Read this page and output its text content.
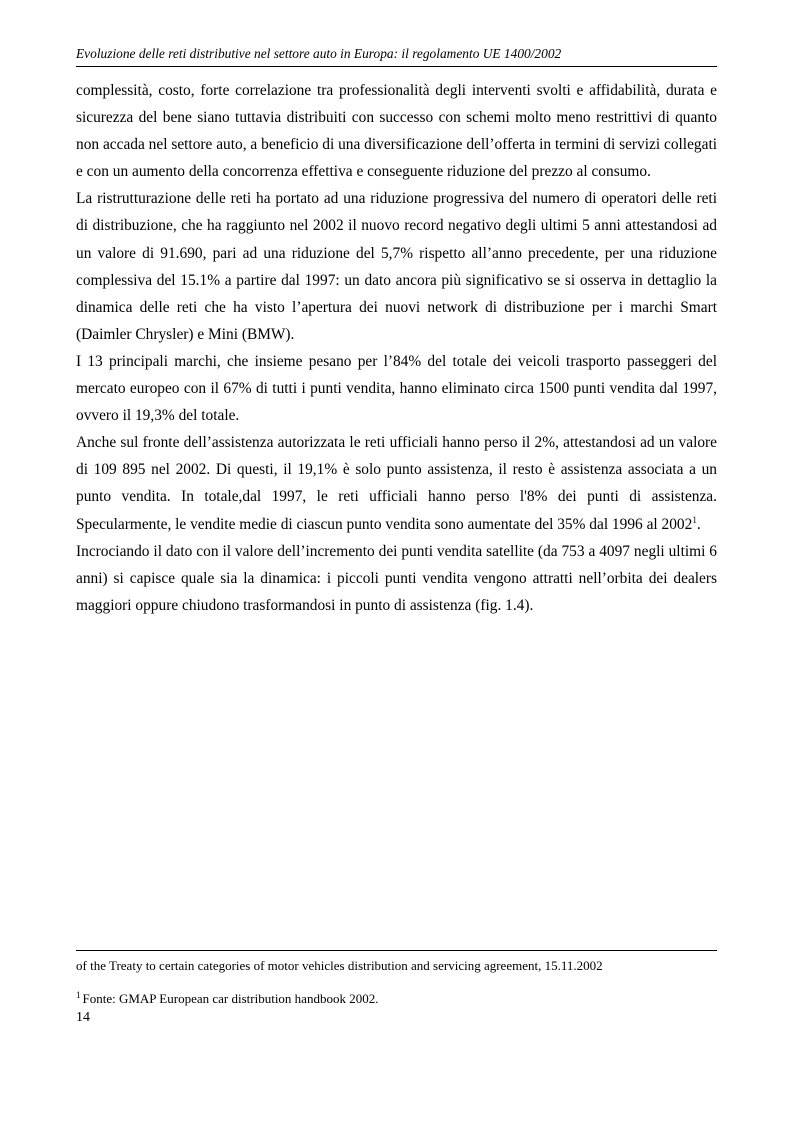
Evoluzione delle reti distributive nel settore auto in Europa: il regolamento UE 1400/2002

complessità, costo, forte correlazione tra professionalità degli interventi svolti e affidabilità, durata e sicurezza del bene siano tuttavia distribuiti con successo con schemi molto meno restrittivi di quanto non accada nel settore auto, a beneficio di una diversificazione dell’offerta in termini di servizi collegati e con un aumento della concorrenza effettiva e conseguente riduzione del prezzo al consumo.

La ristrutturazione delle reti ha portato ad una riduzione progressiva del numero di operatori delle reti di distribuzione, che ha raggiunto nel 2002 il nuovo record negativo degli ultimi 5 anni attestandosi ad un valore di 91.690, pari ad una riduzione del 5,7% rispetto all’anno precedente, per una riduzione complessiva del 15.1% a partire dal 1997: un dato ancora più significativo se si osserva in dettaglio la dinamica delle reti che ha visto l’apertura dei nuovi network di distribuzione per i marchi Smart (Daimler Chrysler) e Mini (BMW).

I 13 principali marchi, che insieme pesano per l’84% del totale dei veicoli trasporto passeggeri del mercato europeo con il 67% di tutti i punti vendita, hanno eliminato circa 1500 punti vendita dal 1997, ovvero il 19,3% del totale.

Anche sul fronte dell’assistenza autorizzata le reti ufficiali hanno perso il 2%, attestandosi ad un valore di 109 895 nel 2002. Di questi, il 19,1% è solo punto assistenza, il resto è assistenza associata a un punto vendita. In totale,dal 1997, le reti ufficiali hanno perso l'8% dei punti di assistenza. Specularmente, le vendite medie di ciascun punto vendita sono aumentate del 35% dal 1996 al 2002$^1$.

Incrociando il dato con il valore dell’incremento dei punti vendita satellite (da 753 a 4097 negli ultimi 6 anni) si capisce quale sia la dinamica: i piccoli punti vendita vengono attratti nell’orbita dei dealers maggiori oppure chiudono trasformandosi in punto di assistenza (fig. 1.4).

of the Treaty to certain categories of motor vehicles distribution and servicing agreement, 15.11.2002
$^1$ Fonte: GMAP European car distribution handbook 2002.
14
